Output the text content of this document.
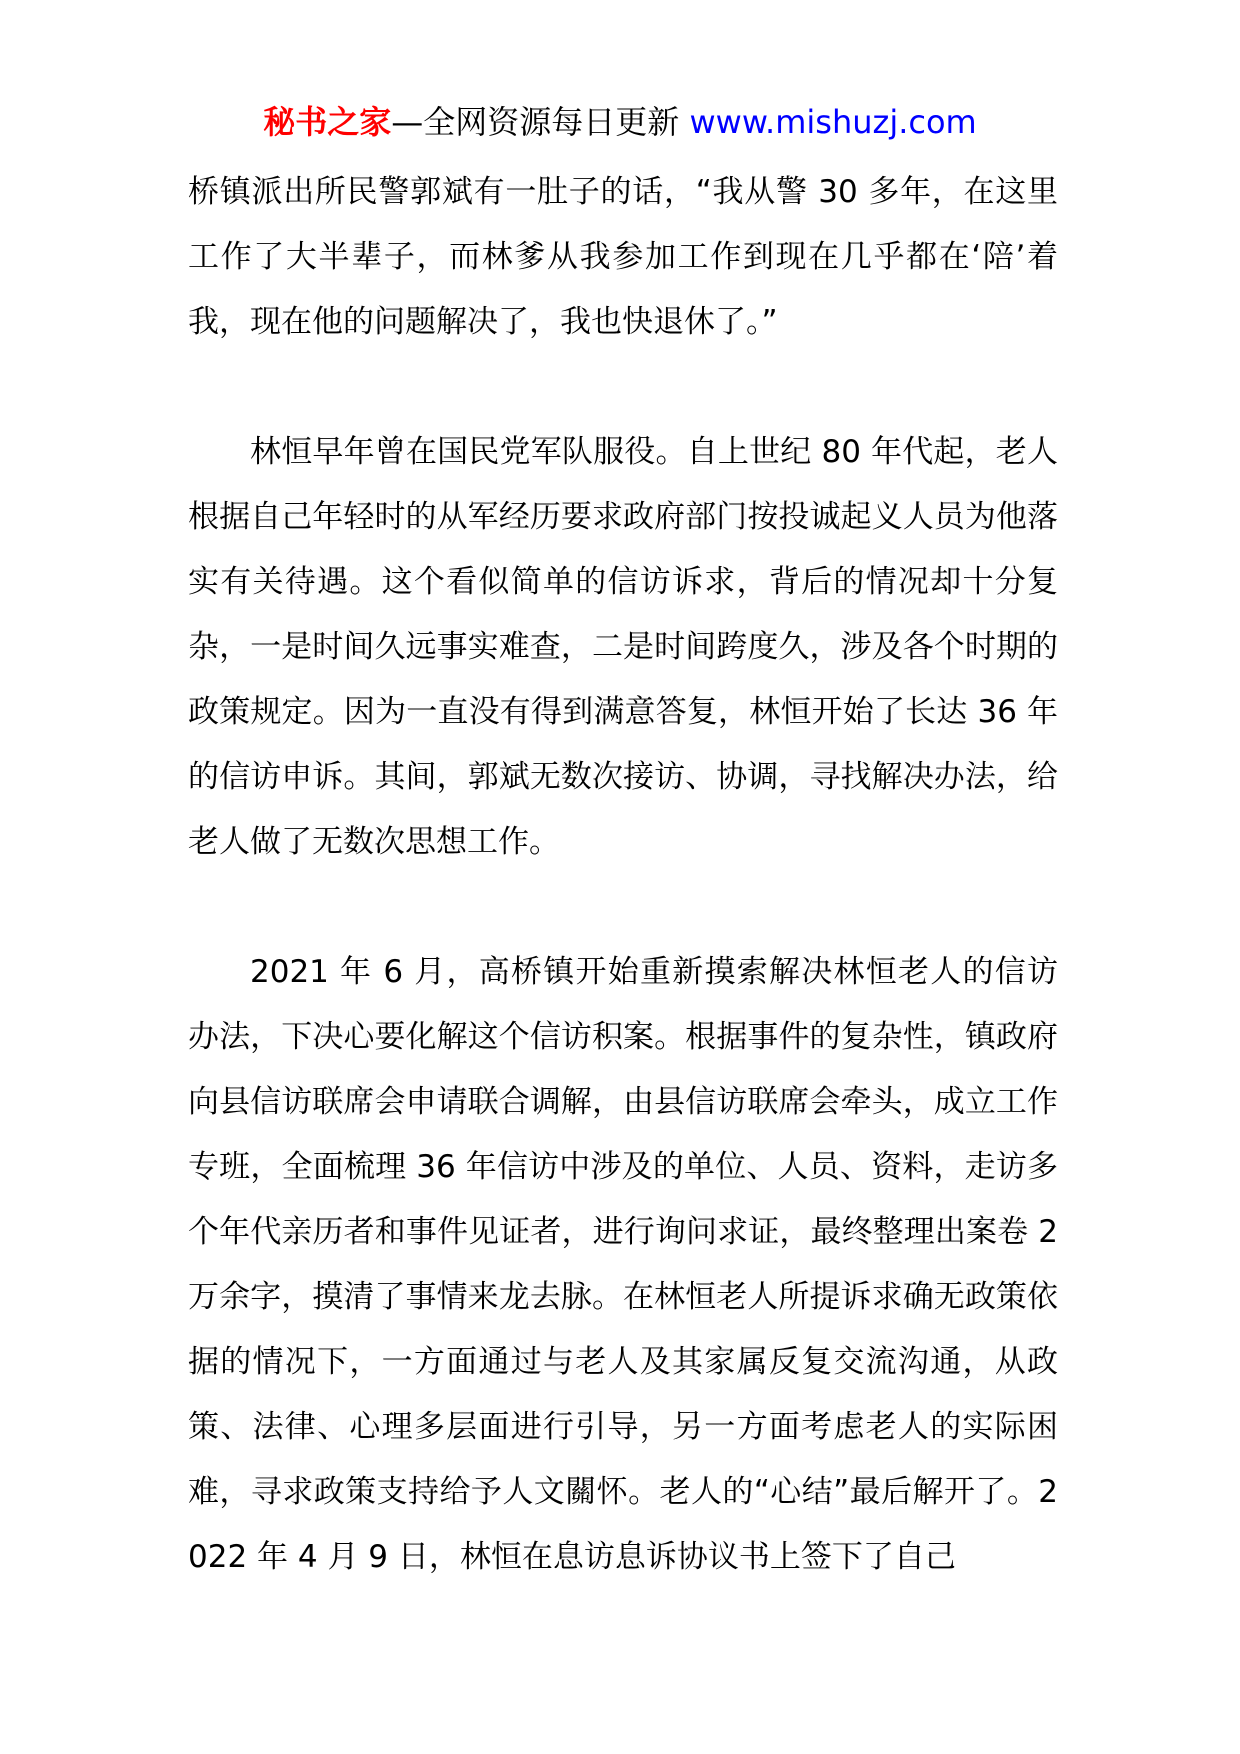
秘书之家—全网资源每日更新 www.mishuzj.com

桥镇派出所民警郭斌有一肚子的话，“我从警 30 多年，在这里工作了大半辈子，而林爹从我参加工作到现在几乎都在‘陪’着我，现在他的问题解决了，我也快退休了。”

林恒早年曾在国民党军队服役。自上世纪 80 年代起，老人根据自己年轻时的从军经历要求政府部门按投诚起义人员为他落实有关待遇。这个看似简单的信访诉求，背后的情况却十分复杂，一是时间久远事实难查，二是时间跨度久，涉及各个时期的政策规定。因为一直没有得到满意答复，林恒开始了长达 36 年的信访申诉。其间，郭斌无数次接访、协调，寻找解决办法，给老人做了无数次思想工作。

2021 年 6 月，高桥镇开始重新摸索解决林恒老人的信访办法，下决心要化解这个信访积案。根据事件的复杂性，镇政府向县信访联席会申请联合调解，由县信访联席会牵头，成立工作专班，全面梳理 36 年信访中涉及的单位、人员、资料，走访多个年代亲历者和事件见证者，进行询问求证，最终整理出案卷 2 万余字，摸清了事情来龙去脉。在林恒老人所提诉求确无政策依据的情况下，一方面通过与老人及其家属反复交流沟通，从政策、法律、心理多层面进行引导，另一方面考虑老人的实际困难，寻求政策支持给予人文關怀。老人的“心结”最后解开了。2022 年 4 月 9 日，林恒在息访息诉协议书上签下了自己
